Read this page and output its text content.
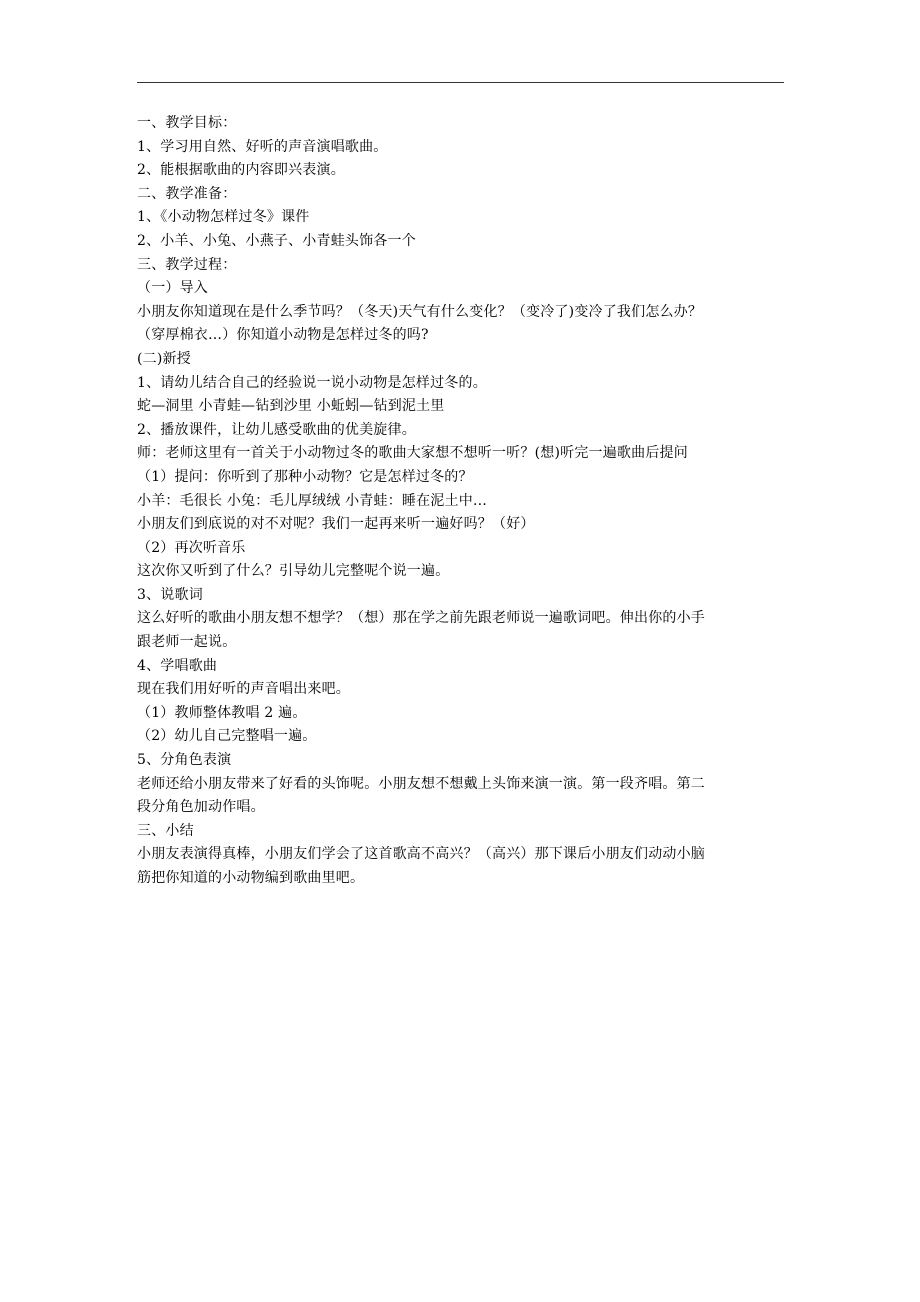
一、教学目标：
1、学习用自然、好听的声音演唱歌曲。
2、能根据歌曲的内容即兴表演。
二、教学准备：
1、《小动物怎样过冬》课件
2、小羊、小兔、小燕子、小青蛙头饰各一个
三、教学过程：
（一）导入
小朋友你知道现在是什么季节吗？（冬天)天气有什么变化？（变冷了)变冷了我们怎么办？
（穿厚棉衣…）你知道小动物是怎样过冬的吗?
(二)新授
1、请幼儿结合自己的经验说一说小动物是怎样过冬的。
蛇—洞里 小青蛙—钻到沙里 小蚯蚓—钻到泥土里
2、播放课件，让幼儿感受歌曲的优美旋律。
师：老师这里有一首关于小动物过冬的歌曲大家想不想听一听？(想)听完一遍歌曲后提问
（1）提问：你听到了那种小动物？它是怎样过冬的？
小羊：毛很长 小兔：毛儿厚绒绒 小青蛙：睡在泥土中…
小朋友们到底说的对不对呢？我们一起再来听一遍好吗？（好）
（2）再次听音乐
这次你又听到了什么？引导幼儿完整呢个说一遍。
3、说歌词
这么好听的歌曲小朋友想不想学？（想）那在学之前先跟老师说一遍歌词吧。伸出你的小手
跟老师一起说。
4、学唱歌曲
现在我们用好听的声音唱出来吧。
（1）教师整体教唱 2 遍。
（2）幼儿自己完整唱一遍。
5、分角色表演
老师还给小朋友带来了好看的头饰呢。小朋友想不想戴上头饰来演一演。第一段齐唱。第二
段分角色加动作唱。
三、小结
小朋友表演得真棒，小朋友们学会了这首歌高不高兴？（高兴）那下课后小朋友们动动小脑
筋把你知道的小动物编到歌曲里吧。
